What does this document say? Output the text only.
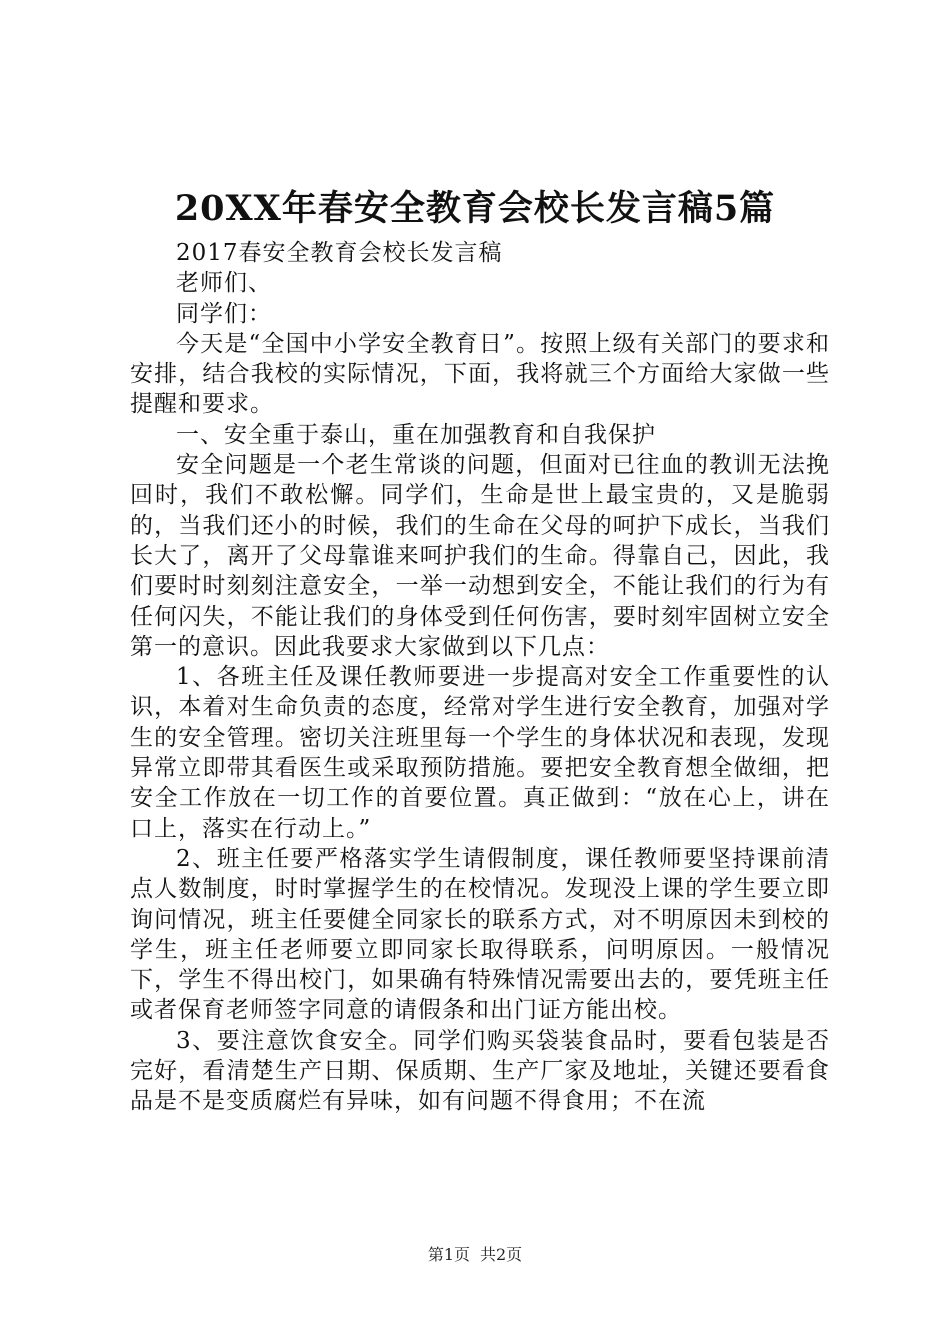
20XX年春安全教育会校长发言稿5篇

2017春安全教育会校长发言稿

老师们、

同学们：

今天是“全国中小学安全教育日”。按照上级有关部门的要求和安排，结合我校的实际情况，下面，我将就三个方面给大家做一些提醒和要求。

一、安全重于泰山，重在加强教育和自我保护

安全问题是一个老生常谈的问题，但面对已往血的教训无法挽回时，我们不敢松懈。同学们，生命是世上最宝贵的，又是脆弱的，当我们还小的时候，我们的生命在父母的呵护下成长，当我们长大了，离开了父母靠谁来呵护我们的生命。得靠自己，因此，我们要时时刻刻注意安全，一举一动想到安全，不能让我们的行为有任何闪失，不能让我们的身体受到任何伤害，要时刻牢固树立安全第一的意识。因此我要求大家做到以下几点：

1、各班主任及课任教师要进一步提高对安全工作重要性的认识，本着对生命负责的态度，经常对学生进行安全教育，加强对学生的安全管理。密切关注班里每一个学生的身体状况和表现，发现异常立即带其看医生或采取预防措施。要把安全教育想全做细，把安全工作放在一切工作的首要位置。真正做到：“放在心上，讲在口上，落实在行动上。”

2、班主任要严格落实学生请假制度，课任教师要坚持课前清点人数制度，时时掌握学生的在校情况。发现没上课的学生要立即询问情况，班主任要健全同家长的联系方式，对不明原因未到校的学生，班主任老师要立即同家长取得联系，问明原因。一般情况下，学生不得出校门，如果确有特殊情况需要出去的，要凭班主任或者保育老师签字同意的请假条和出门证方能出校。

3、要注意饮食安全。同学们购买袋装食品时，要看包装是否完好，看清楚生产日期、保质期、生产厂家及地址，关键还要看食品是不是变质腐烂有异味，如有问题不得食用；不在流

第1页 共2页
